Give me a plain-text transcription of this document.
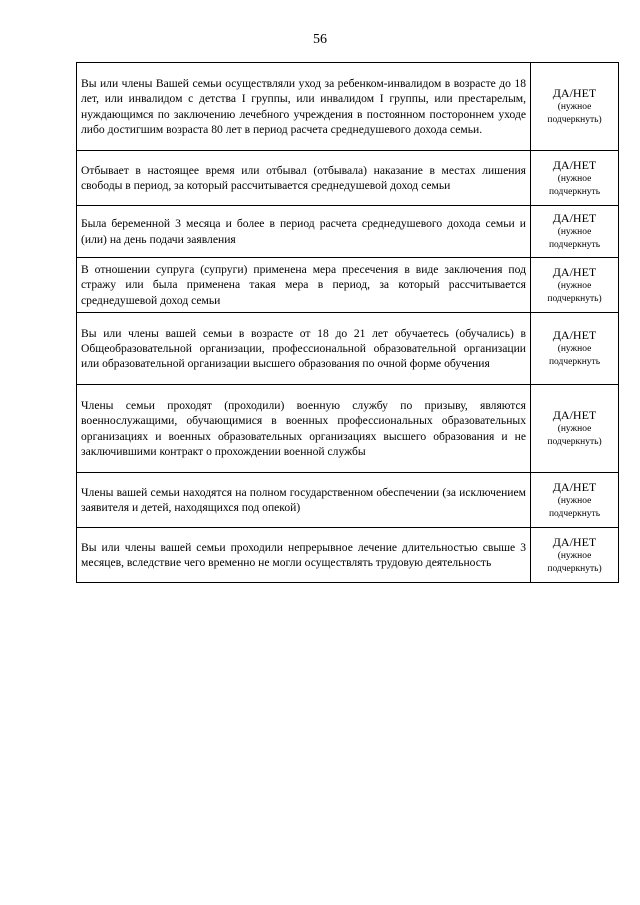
56
Вы или члены Вашей семьи осуществляли уход за ребенком-инвалидом в возрасте до 18 лет, или инвалидом с детства I группы, или инвалидом I группы, или престарелым, нуждающимся по заключению лечебного учреждения в постоянном постороннем уходе либо достигшим возраста 80 лет в период расчета среднедушевого дохода семьи.	ДА/НЕТ
(нужное подчеркнуть)

Отбывает в настоящее время или отбывал (отбывала) наказание в местах лишения свободы в период, за который рассчитывается среднедушевой доход семьи	ДА/НЕТ
(нужное подчеркнуть

Была беременной 3 месяца и более в период расчета среднедушевого дохода семьи и (или) на день подачи заявления	ДА/НЕТ
(нужное подчеркнуть

В отношении супруга (супруги) применена мера пресечения в виде заключения под стражу или была применена такая мера в период, за который рассчитывается среднедушевой доход семьи	ДА/НЕТ
(нужное подчеркнуть)

Вы или члены вашей семьи в возрасте от 18 до 21 лет обучаетесь (обучались) в Общеобразовательной организации, профессиональной образовательной организации или образовательной организации высшего образования по очной форме обучения	ДА/НЕТ
(нужное подчеркнуть

Члены семьи проходят (проходили) военную службу по призыву, являются военнослужащими, обучающимися в военных профессиональных образовательных организациях и военных образовательных организациях высшего образования и не заключившими контракт о прохождении военной службы	ДА/НЕТ
(нужное подчеркнуть)

Члены вашей семьи находятся на полном государственном обеспечении (за исключением заявителя и детей, находящихся под опекой)	ДА/НЕТ
(нужное подчеркнуть

Вы или члены вашей семьи проходили непрерывное лечение длительностью свыше 3 месяцев, вследствие чего временно не могли осуществлять трудовую деятельность	ДА/НЕТ
(нужное подчеркнуть)
